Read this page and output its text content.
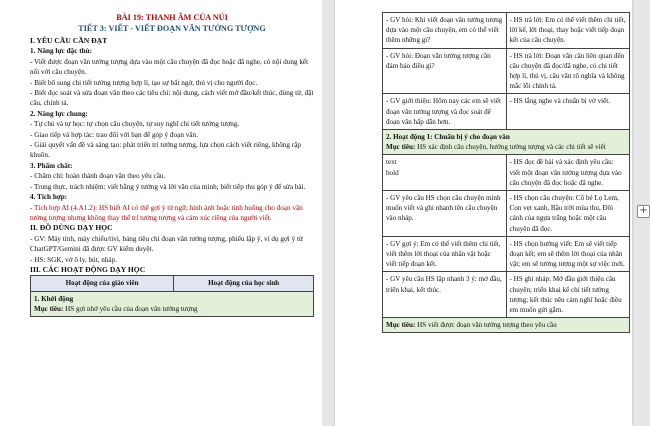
BÀI 19: THANH ÂM CỦA NÚI
TIẾT 3: VIẾT - VIẾT ĐOẠN VĂN TƯỞNG TƯỢNG
I. YÊU CẦU CẦN ĐẠT
1. Năng lực đặc thù:

- Viết được đoạn văn tưởng tượng dựa vào một câu chuyện đã đọc hoặc đã nghe, có nội dung kết nối với câu chuyện.

- Biết bổ sung chi tiết tưởng tượng hợp lí, tạo sự bất ngờ, thú vị cho người đọc.

- Biết đọc soát và sửa đoạn văn theo các tiêu chí: nội dung, cách viết mở đầu/kết thúc, dùng từ, đặt câu, chính tả.

2. Năng lực chung:

- Tự chủ và tự học: tự chọn câu chuyện, tự suy nghĩ chi tiết tưởng tượng.

- Giao tiếp và hợp tác: trao đổi với bạn để góp ý đoạn văn.

- Giải quyết vấn đề và sáng tạo: phát triển trí tưởng tượng, lựa chọn cách viết riêng, không rập khuôn.

3. Phẩm chất:

- Chăm chỉ: hoàn thành đoạn văn theo yêu cầu.

- Trung thực, trách nhiệm: viết bằng ý tưởng và lời văn của mình; biết tiếp thu góp ý để sửa bài.

4. Tích hợp:

- Tích hợp AI (4.A1.2): HS biết AI có thể gợi ý từ ngữ, hình ảnh hoặc tình huống cho đoạn văn tưởng tượng nhưng không thay thế trí tưởng tượng và cảm xúc riêng của người viết.

II. ĐỒ DÙNG DẠY HỌC

- GV: Máy tính, máy chiếu/tivi, bảng tiêu chí đoạn văn tưởng tượng, phiếu lập ý, ví dụ gợi ý từ ChatGPT/Gemini đã được GV kiểm duyệt.

- HS: SGK, vở ô ly, bút, nháp.

III. CÁC HOẠT ĐỘNG DẠY HỌC
Hoạt động của giáo viên	Hoạt động của học sinh
1. Khởi động
Mục tiêu: HS gợi nhớ yêu cầu của đoạn văn tưởng tượng
- GV hỏi: Khi viết đoạn văn tưởng tượng dựa vào một câu chuyện, em có thể viết thêm những gì?	- HS trả lời: Em có thể viết thêm chi tiết, lời kể, lời thoại, thay hoặc viết tiếp đoạn kết của câu chuyện.
- GV hỏi: Đoạn văn tưởng tượng cần đảm bảo điều gì?	- HS trả lời: Đoạn văn cần liên quan đến câu chuyện đã đọc/đã nghe, có chi tiết hợp lí, thú vị, câu văn rõ nghĩa và không mắc lỗi chính tả.
- GV giới thiệu: Hôm nay các em sẽ viết đoạn văn tưởng tượng và đọc soát để đoạn văn hấp dẫn hơn.	- HS lắng nghe và chuẩn bị vở viết.
2. Hoạt động 1: Chuẩn bị ý cho đoạn văn
Mục tiêu: HS xác định câu chuyện, hướng tưởng tượng và các chi tiết sẽ viết	
text
bold	- HS đọc đề bài và xác định yêu cầu: viết một đoạn văn tưởng tượng dựa vào câu chuyện đã đọc hoặc đã nghe.
- GV yêu cầu HS chọn câu chuyện mình muốn viết và ghi nhanh tên câu chuyện vào nháp.	- HS chọn câu chuyện: Cô bé Lọ Lem, Con vẹt xanh, Bầu trời mùa thu, Đôi cánh của ngựa trắng hoặc một câu chuyện đã đọc.
- GV gợi ý: Em có thể viết thêm chi tiết, viết thêm lời thoại của nhân vật hoặc viết tiếp đoạn kết.	- HS chọn hướng viết: Em sẽ viết tiếp đoạn kết; em sẽ thêm lời thoại của nhân vật; em sẽ tưởng tượng một sự việc mới.
- GV yêu cầu HS lập nhanh 3 ý: mở đầu, triển khai, kết thúc.	- HS ghi nháp: Mở đầu giới thiệu câu chuyện; triển khai kể chi tiết tưởng tượng; kết thúc nêu cảm nghĩ hoặc điều em muốn gửi gắm.
Mục tiêu: HS viết được đoạn văn tưởng tượng theo yêu cầu	
+
